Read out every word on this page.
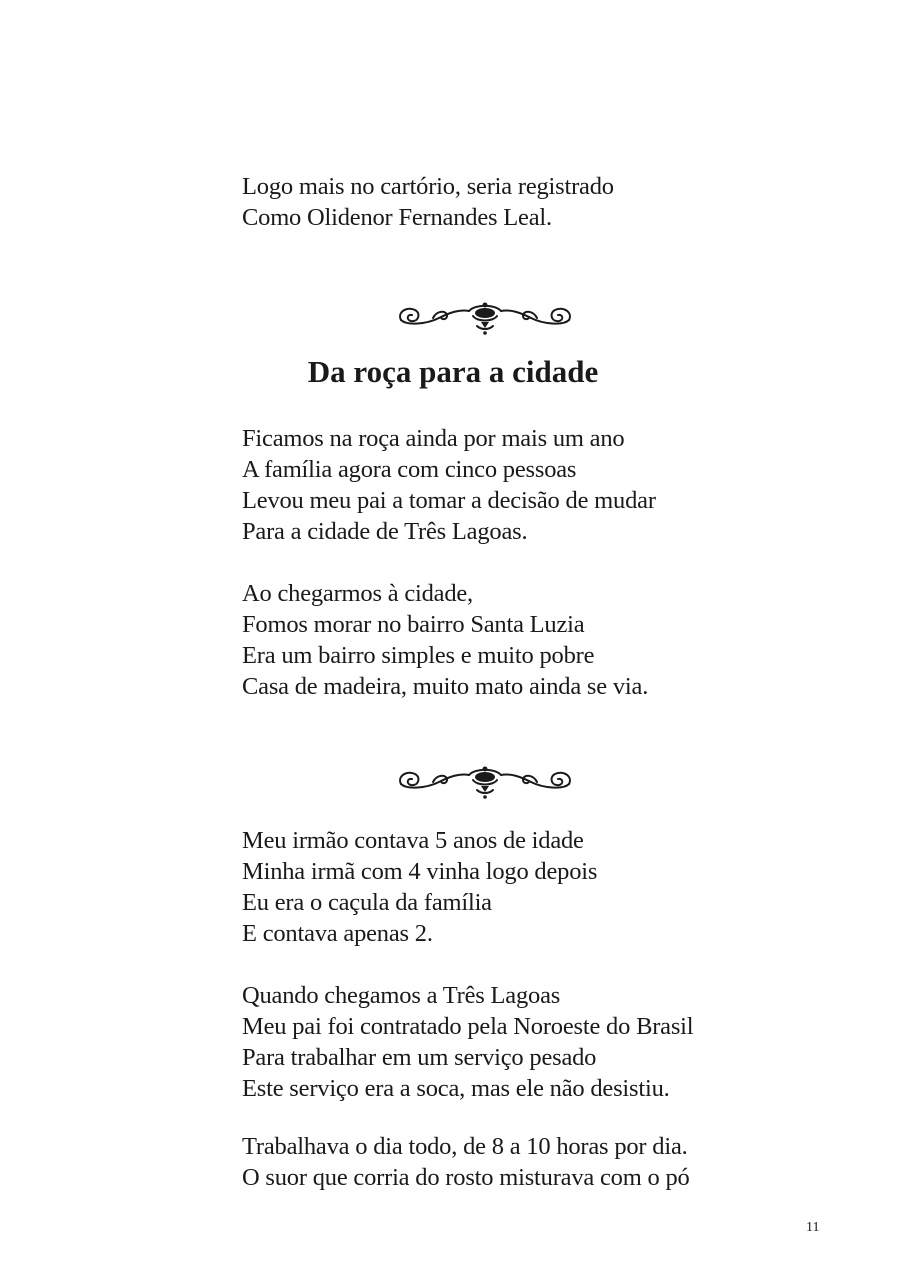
Logo mais no cartório, seria registrado
Como Olidenor Fernandes Leal.
Da roça para a cidade
Ficamos na roça ainda por mais um ano
A família agora com cinco pessoas
Levou meu pai a tomar a decisão de mudar
Para a cidade de Três Lagoas.
Ao chegarmos à cidade,
Fomos morar no bairro Santa Luzia
Era um bairro simples e muito pobre
Casa de madeira, muito mato ainda se via.
Meu irmão contava 5 anos de idade
Minha irmã com 4 vinha logo depois
Eu era o caçula da família
E contava apenas 2.
Quando chegamos a Três Lagoas
Meu pai foi contratado pela Noroeste do Brasil
Para trabalhar em um serviço pesado
Este serviço era a soca, mas ele não desistiu.
Trabalhava o dia todo, de 8 a 10 horas por dia.
O suor que corria do rosto misturava com o pó
11
